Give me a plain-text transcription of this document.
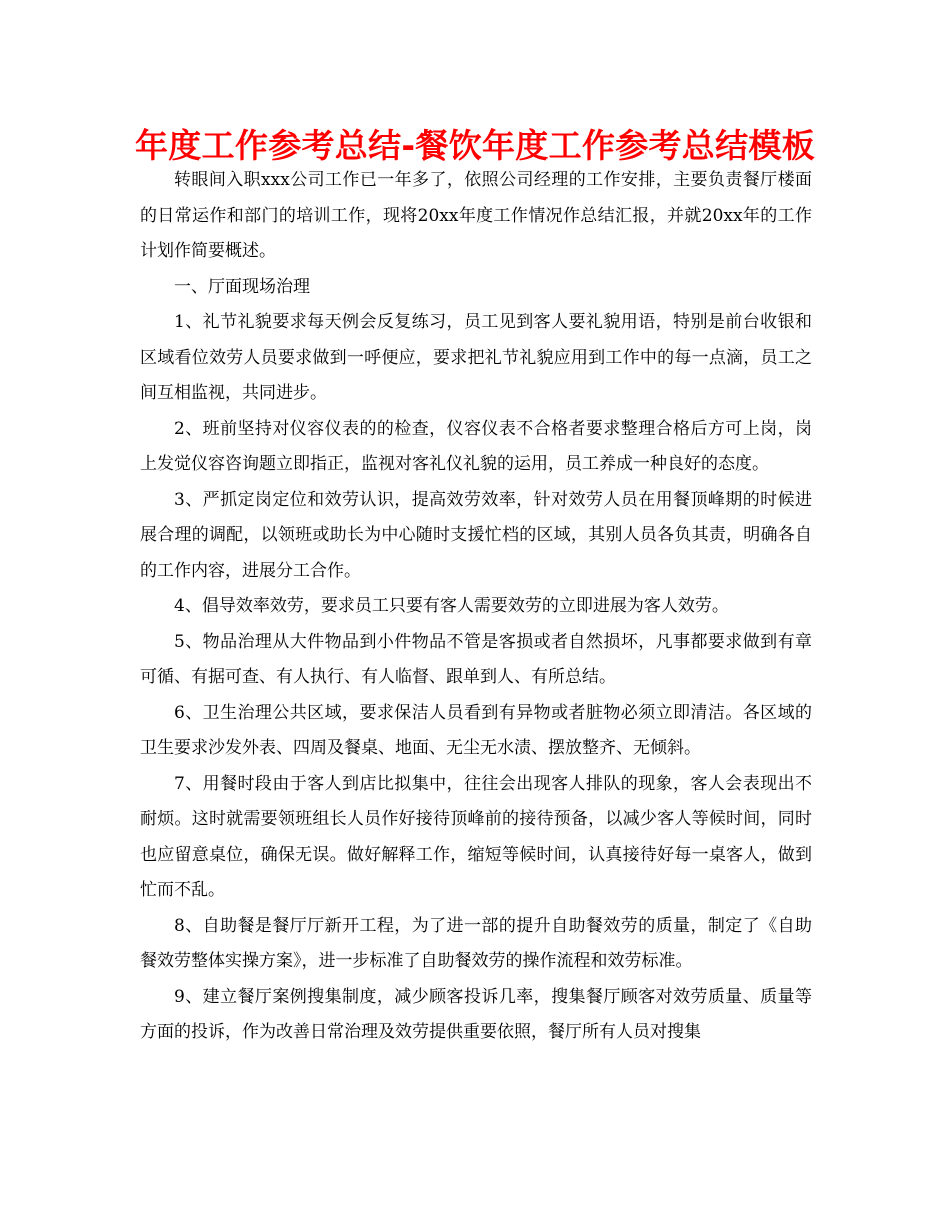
年度工作参考总结-餐饮年度工作参考总结模板

转眼间入职xxx公司工作已一年多了，依照公司经理的工作安排，主要负责餐厅楼面的日常运作和部门的培训工作，现将20xx年度工作情况作总结汇报，并就20xx年的工作计划作简要概述。

一、厅面现场治理

1、礼节礼貌要求每天例会反复练习，员工见到客人要礼貌用语，特别是前台收银和区域看位效劳人员要求做到一呼便应，要求把礼节礼貌应用到工作中的每一点滴，员工之间互相监视，共同进步。

2、班前坚持对仪容仪表的的检查，仪容仪表不合格者要求整理合格后方可上岗，岗上发觉仪容咨询题立即指正，监视对客礼仪礼貌的运用，员工养成一种良好的态度。

3、严抓定岗定位和效劳认识，提高效劳效率，针对效劳人员在用餐顶峰期的时候进展合理的调配，以领班或助长为中心随时支援忙档的区域，其别人员各负其责，明确各自的工作内容，进展分工合作。

4、倡导效率效劳，要求员工只要有客人需要效劳的立即进展为客人效劳。

5、物品治理从大件物品到小件物品不管是客损或者自然损坏，凡事都要求做到有章可循、有据可查、有人执行、有人临督、跟单到人、有所总结。

6、卫生治理公共区域，要求保洁人员看到有异物或者脏物必须立即清洁。各区域的卫生要求沙发外表、四周及餐桌、地面、无尘无水渍、摆放整齐、无倾斜。

7、用餐时段由于客人到店比拟集中，往往会出现客人排队的现象，客人会表现出不耐烦。这时就需要领班组长人员作好接待顶峰前的接待预备，以减少客人等候时间，同时也应留意桌位，确保无误。做好解释工作，缩短等候时间，认真接待好每一桌客人，做到忙而不乱。

8、自助餐是餐厅厅新开工程，为了进一部的提升自助餐效劳的质量，制定了《自助餐效劳整体实操方案》，进一步标准了自助餐效劳的操作流程和效劳标准。

9、建立餐厅案例搜集制度，减少顾客投诉几率，搜集餐厅顾客对效劳质量、质量等方面的投诉，作为改善日常治理及效劳提供重要依照，餐厅所有人员对搜集
